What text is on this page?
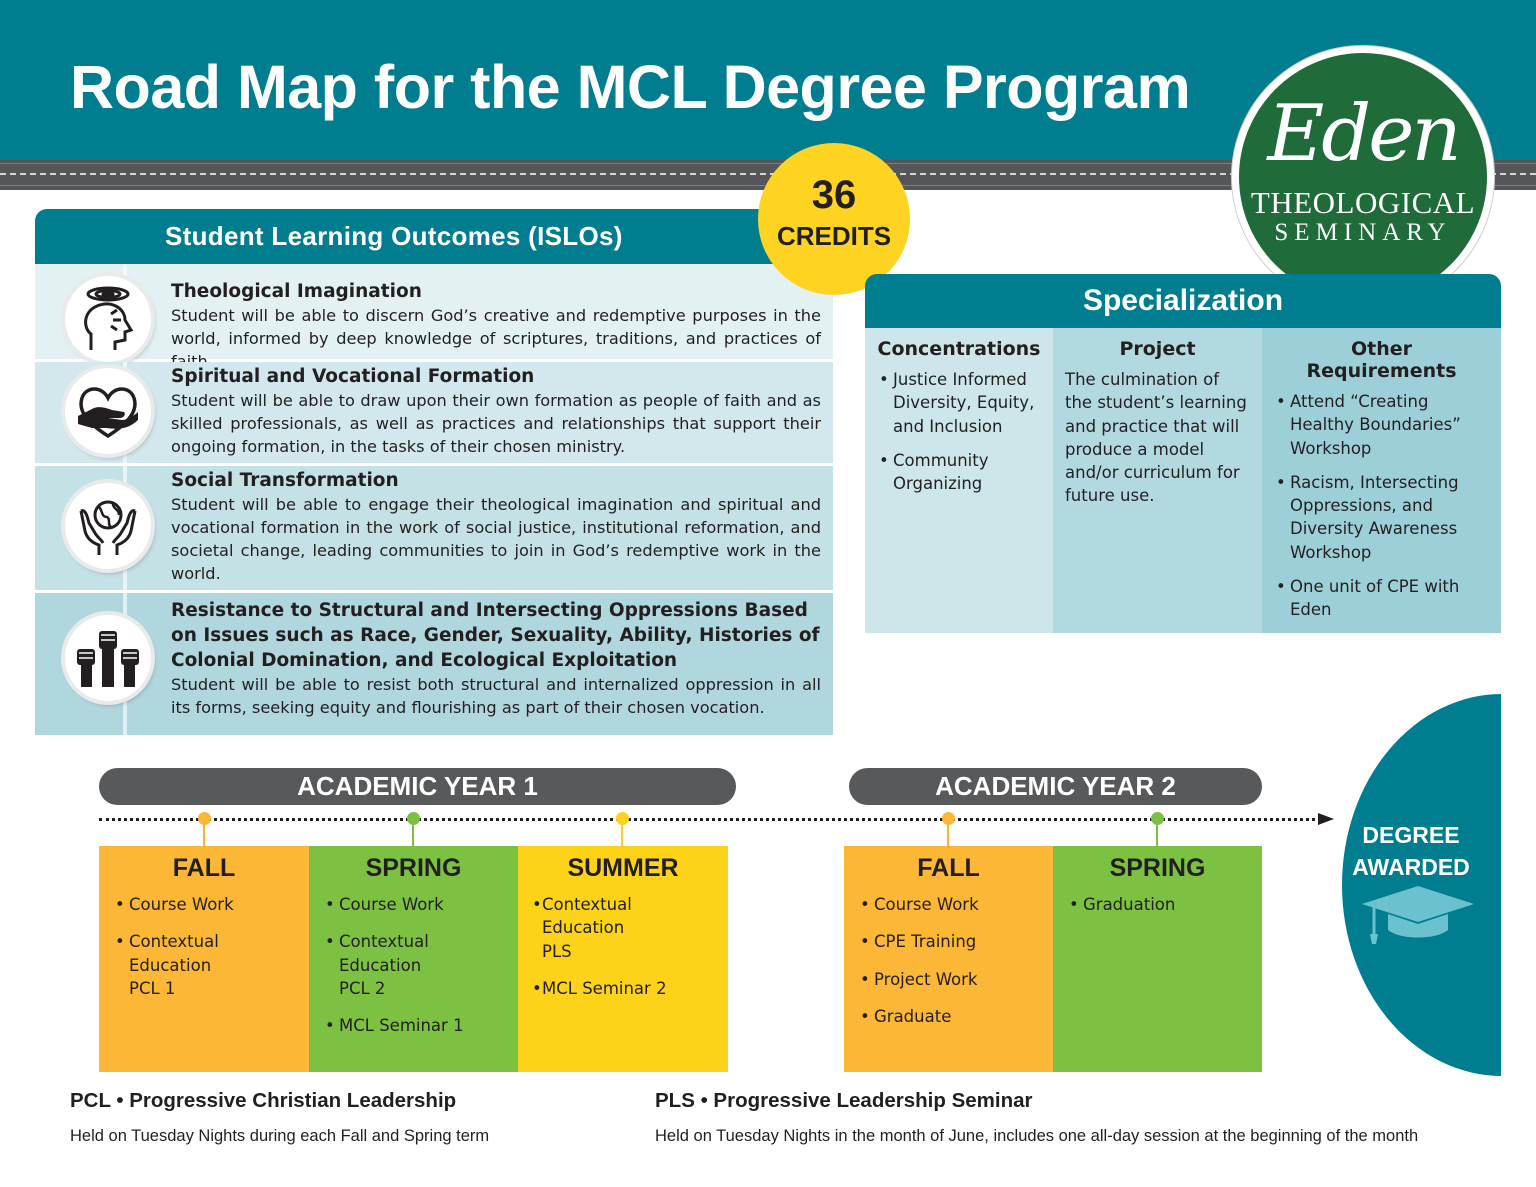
Road Map for the MCL Degree Program
Eden
THEOLOGICAL
SEMINARY
Student Learning Outcomes (ISLOs)
Theological Imagination
Student will be able to discern God’s creative and redemptive purposes in the world, informed by deep knowledge of scriptures, traditions, and practices of
Spiritual and Vocational Formation
Student will be able to draw upon their own formation as people of faith and as skilled professionals, as well as practices and relationships that support their ongoing formation, in the tasks of their chosen ministry.
Social Transformation
Student will be able to engage their theological imagination and spiritual and vocational formation in the work of social justice, institutional reformation, and societal change, leading communities to join in God’s redemptive work in the world.
Resistance to Structural and Intersecting Oppressions Based on Issues such as Race, Gender, Sexuality, Ability, Histories of Colonial Domination, and Ecological Exploitation
Student will be able to resist both structural and internalized oppression in all its forms, seeking equity and flourishing as part of their chosen vocation.
36
CREDITS
Specialization
Concentrations
• Justice Informed Diversity, Equity, and Inclusion
• Community Organizing
Project

The culmination of the student’s learning and practice that will produce a model and/or curriculum for future use.

Other Requirements
• Attend “Creating Healthy Boundaries” Workshop
• Racism, Intersecting Oppressions, and Diversity Awareness Workshop
• One unit of CPE with Eden
DEGREE AWARDED
ACADEMIC YEAR 1	ACADEMIC YEAR 2
FALL
• Course Work
• Contextual Education PCL 1
SPRING
• Course Work
• Contextual Education PCL 2
• MCL Seminar 1
SUMMER
• Contextual Education PLS
• MCL Seminar 2
FALL
• Course Work
• CPE Training
• Project Work
• Graduate
SPRING
• Graduation
PCL • Progressive Christian Leadership
Held on Tuesday Nights during each Fall and Spring term
PLS • Progressive Leadership Seminar
Held on Tuesday Nights in the month of June, includes one all-day session at the beginning of the month
